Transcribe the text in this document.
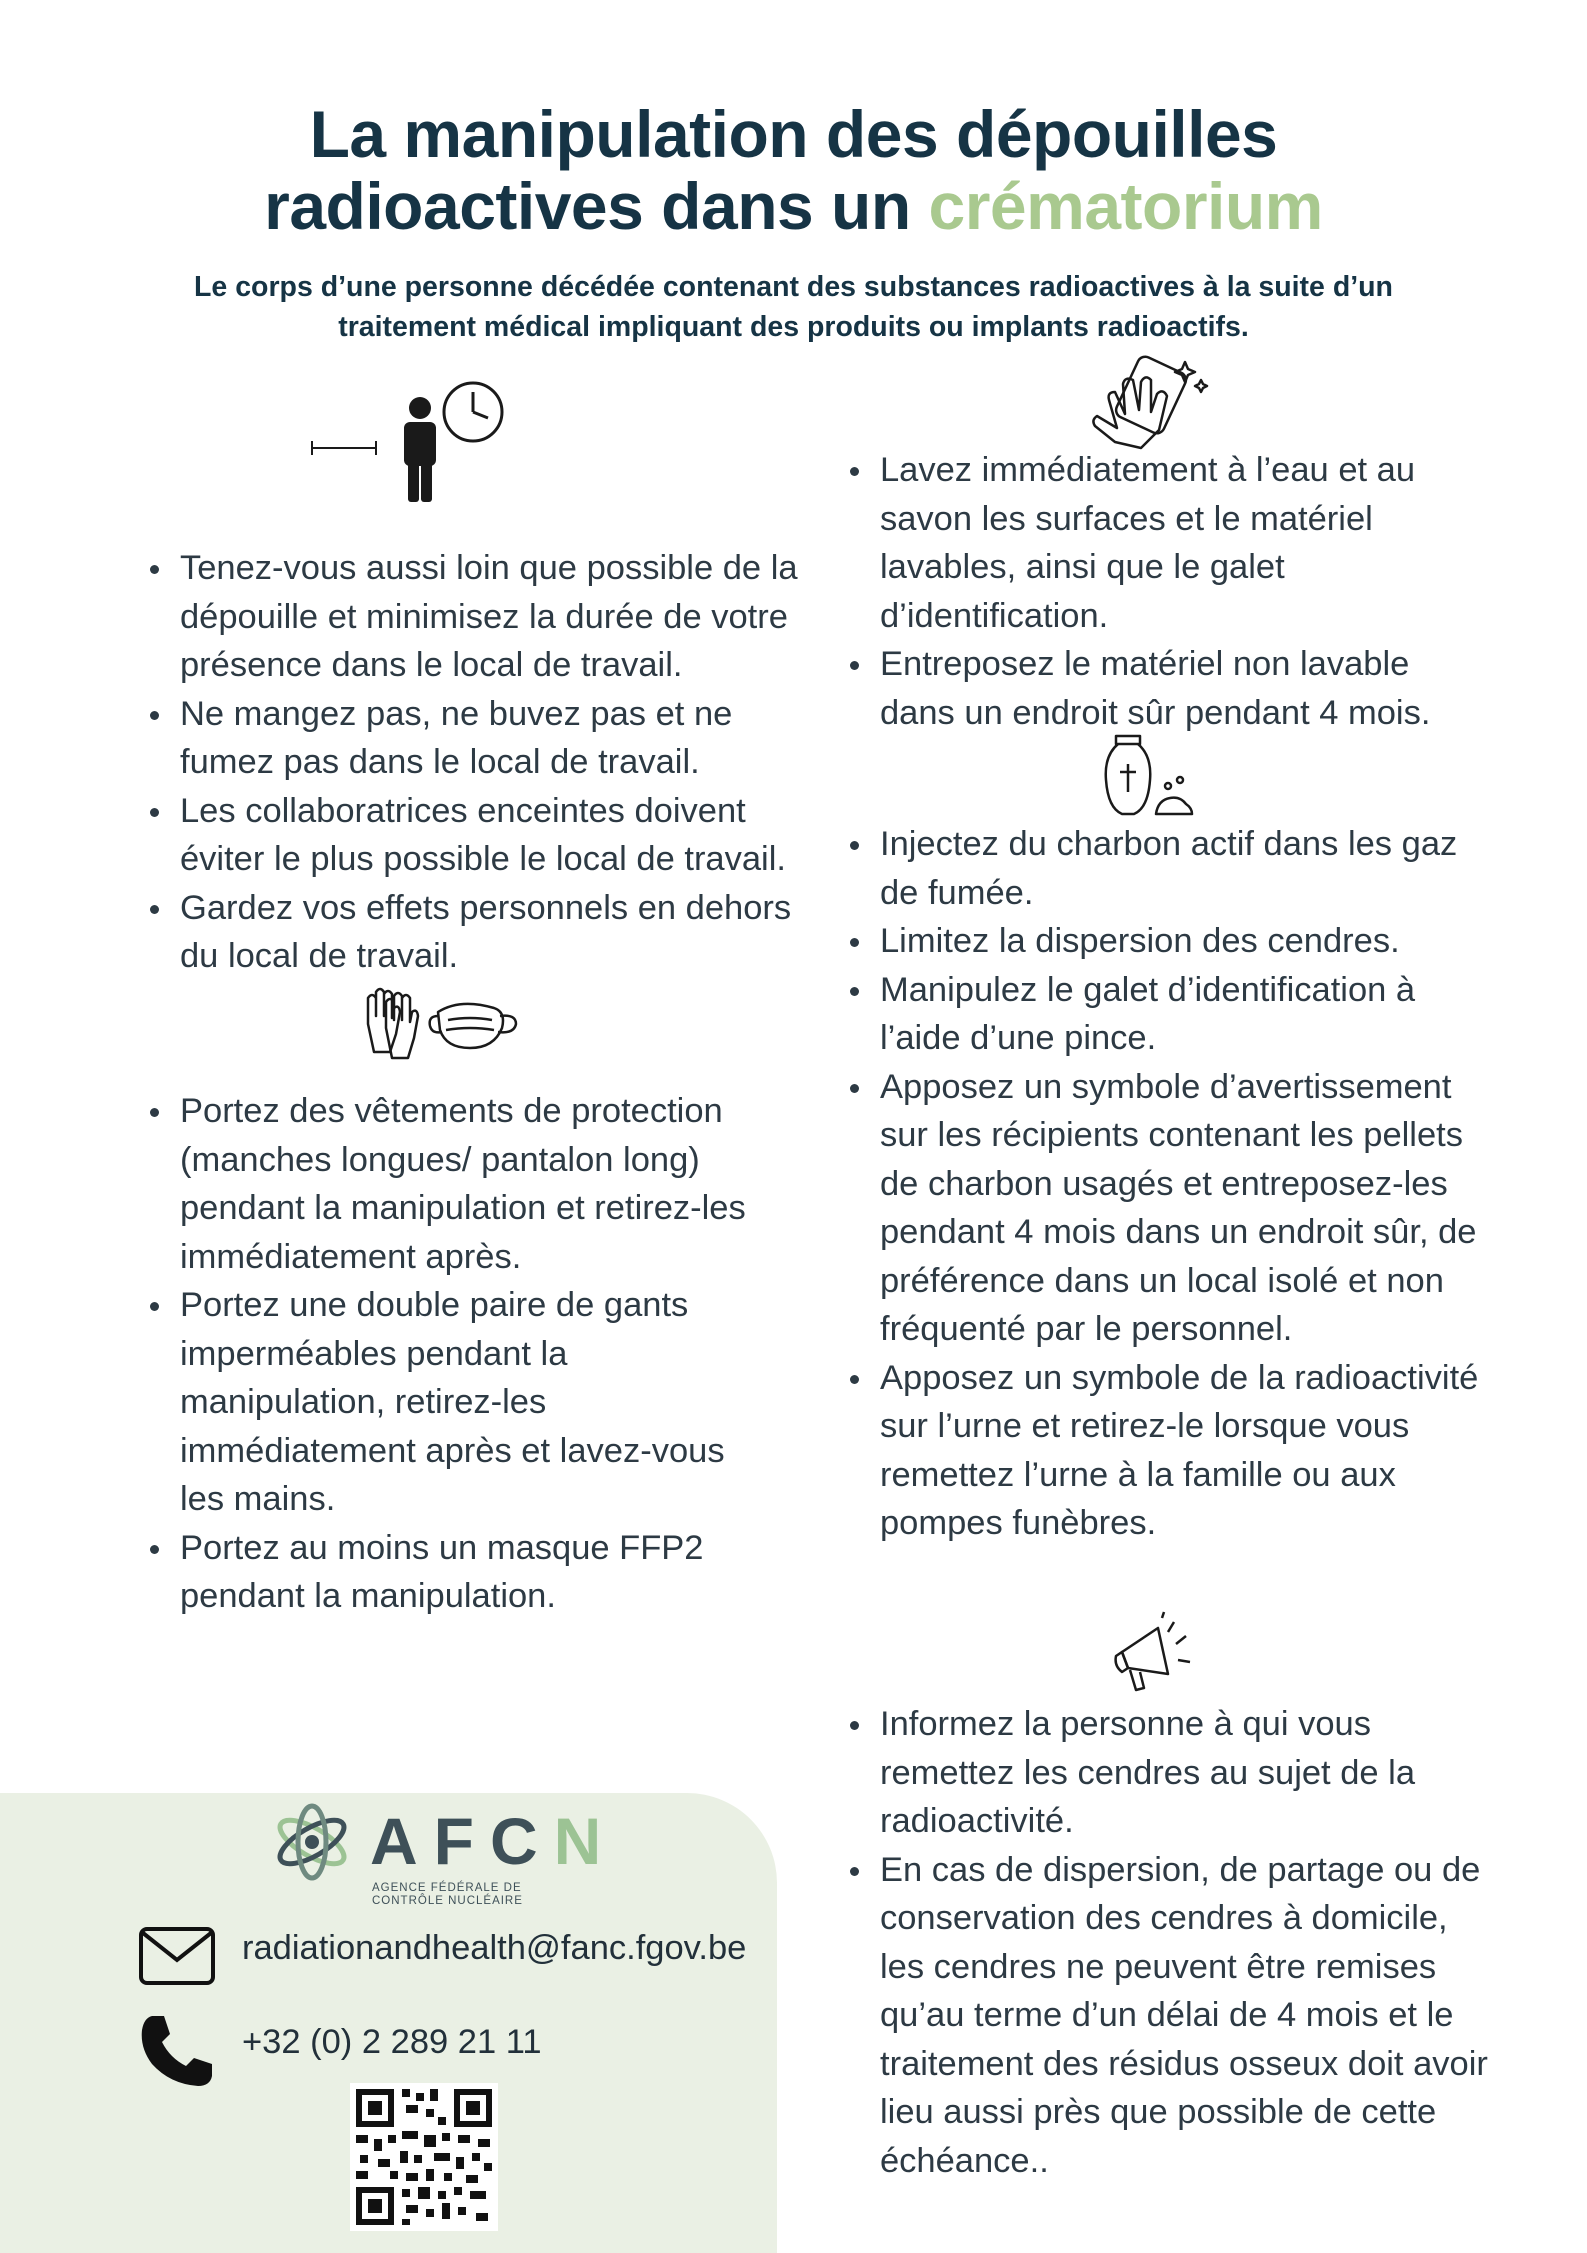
La manipulation des dépouilles
radioactives dans un crématorium

Le corps d’une personne décédée contenant des substances radioactives à la suite d’un traitement médical impliquant des produits ou implants radioactifs.

Tenez-vous aussi loin que possible de la dépouille et minimisez la durée de votre présence dans le local de travail.
Ne mangez pas, ne buvez pas et ne fumez pas dans le local de travail.
Les collaboratrices enceintes doivent éviter le plus possible le local de travail.
Gardez vos effets personnels en dehors du local de travail.
Portez des vêtements de protection (manches longues/ pantalon long) pendant la manipulation et retirez-les immédiatement après.
Portez une double paire de gants imperméables pendant la manipulation, retirez-les immédiatement après et lavez-vous les mains.
Portez au moins un masque FFP2 pendant la manipulation.
Lavez immédiatement à l’eau et au savon les surfaces et le matériel lavables, ainsi que le galet d’identification.
Entreposez le matériel non lavable dans un endroit sûr pendant 4 mois.
Injectez du charbon actif dans les gaz de fumée.
Limitez la dispersion des cendres.
Manipulez le galet d’identification à l’aide d’une pince.
Apposez un symbole d’avertissement sur les récipients contenant les pellets de charbon usagés et entreposez-les pendant 4 mois dans un endroit sûr, de préférence dans un local isolé et non fréquenté par le personnel.
Apposez un symbole de la radioactivité sur l’urne et retirez-le lorsque vous remettez l’urne à la famille ou aux pompes funèbres.
Informez la personne à qui vous remettez les cendres au sujet de la radioactivité.
En cas de dispersion, de partage ou de conservation des cendres à domicile, les cendres ne peuvent être remises qu’au terme d’un délai de 4 mois et le traitement des résidus osseux doit avoir lieu aussi près que possible de cette échéance..
AFCN
AGENCE FÉDÉRALE DE
CONTRÔLE NUCLÉAIRE
radiationandhealth@fanc.fgov.be
+32 (0) 2 289 21 11
